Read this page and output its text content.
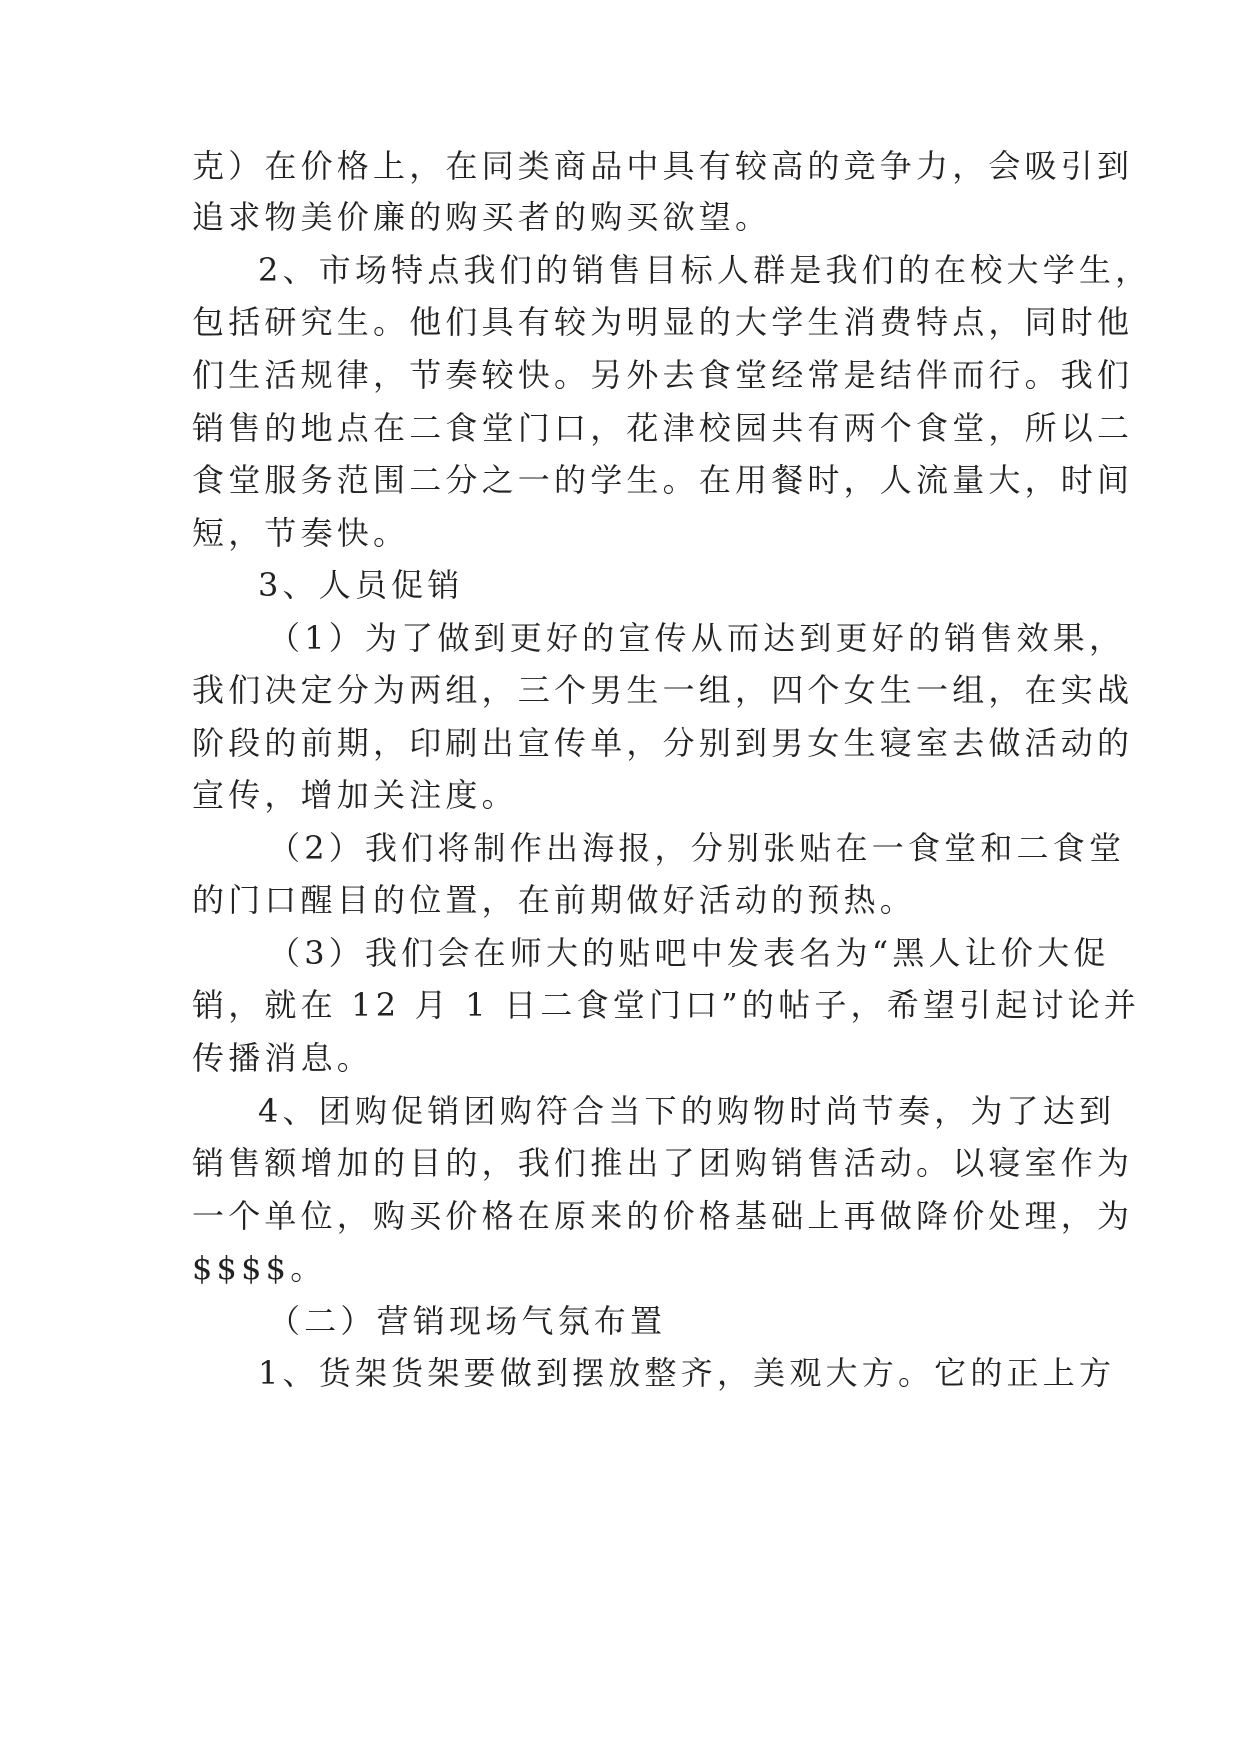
克）在价格上，在同类商品中具有较高的竞争力，会吸引到
追求物美价廉的购买者的购买欲望。
2、市场特点我们的销售目标人群是我们的在校大学生，
包括研究生。他们具有较为明显的大学生消费特点，同时他
们生活规律，节奏较快。另外去食堂经常是结伴而行。我们
销售的地点在二食堂门口，花津校园共有两个食堂，所以二
食堂服务范围二分之一的学生。在用餐时，人流量大，时间
短，节奏快。
3、人员促销
（1）为了做到更好的宣传从而达到更好的销售效果，
我们决定分为两组，三个男生一组，四个女生一组，在实战
阶段的前期，印刷出宣传单，分别到男女生寝室去做活动的
宣传，增加关注度。
（2）我们将制作出海报，分别张贴在一食堂和二食堂
的门口醒目的位置，在前期做好活动的预热。
（3）我们会在师大的贴吧中发表名为“黑人让价大促
销，就在 12 月 1 日二食堂门口”的帖子，希望引起讨论并
传播消息。
4、团购促销团购符合当下的购物时尚节奏，为了达到
销售额增加的目的，我们推出了团购销售活动。以寝室作为
一个单位，购买价格在原来的价格基础上再做降价处理，为
$$$$。
（二）营销现场气氛布置
1、货架货架要做到摆放整齐，美观大方。它的正上方
